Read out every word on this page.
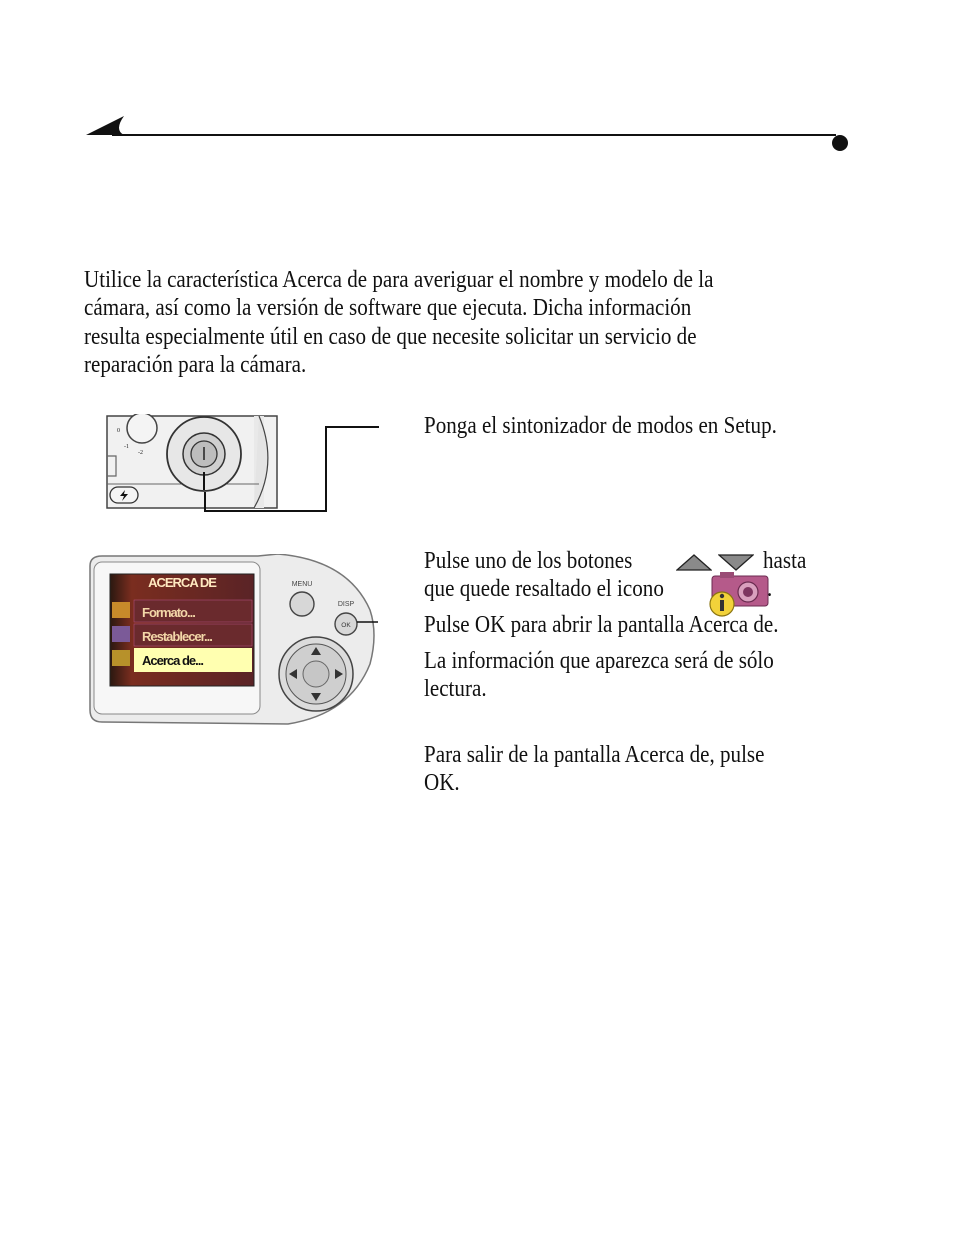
Utilice la característica Acerca de para averiguar el nombre y modelo de la
cámara, así como la versión de software que ejecuta. Dicha información
resulta especialmente útil en caso de que necesite solicitar un servicio de
reparación para la cámara.
0
-1
-2
Ponga el sintonizador de modos en Setup.
ACERCA DE
Formato...
Restablecer...
Acerca de...
MENU
DISP
OK
Pulse uno de los botones	hasta
que quede resaltado el icono	.
Pulse OK para abrir la pantalla Acerca de.
La información que aparezca será de sólo
lectura.
Para salir de la pantalla Acerca de, pulse
OK.
